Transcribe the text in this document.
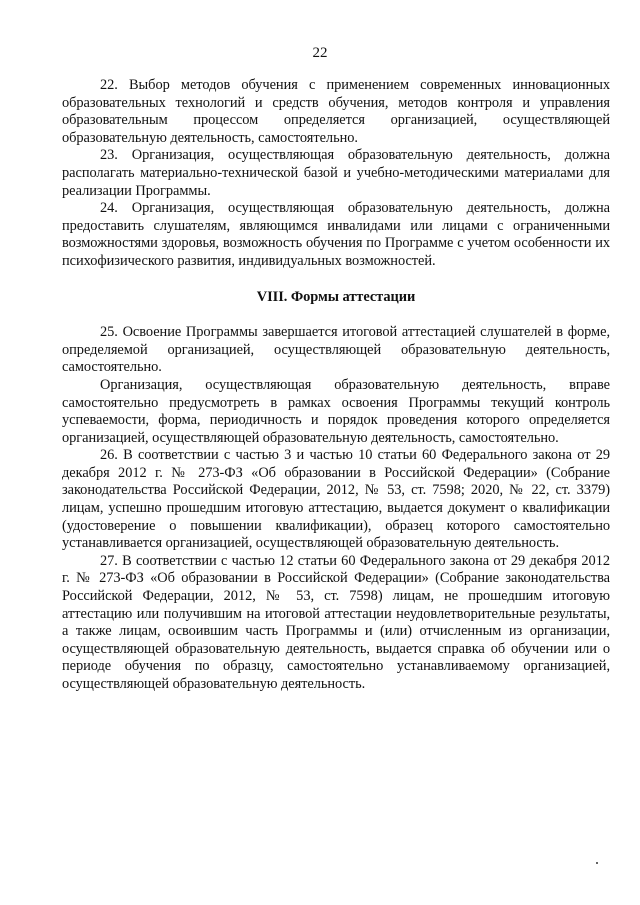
22

22. Выбор методов обучения с применением современных инновационных образовательных технологий и средств обучения, методов контроля и управления образовательным процессом определяется организацией, осуществляющей образовательную деятельность, самостоятельно.

23. Организация, осуществляющая образовательную деятельность, должна располагать материально-технической базой и учебно-методическими материалами для реализации Программы.

24. Организация, осуществляющая образовательную деятельность, должна предоставить слушателям, являющимся инвалидами или лицами с ограниченными возможностями здоровья, возможность обучения по Программе с учетом особенности их психофизического развития, индивидуальных возможностей.

VIII. Формы аттестации

25. Освоение Программы завершается итоговой аттестацией слушателей в форме, определяемой организацией, осуществляющей образовательную деятельность, самостоятельно.

Организация, осуществляющая образовательную деятельность, вправе самостоятельно предусмотреть в рамках освоения Программы текущий контроль успеваемости, форма, периодичность и порядок проведения которого определяется организацией, осуществляющей образовательную деятельность, самостоятельно.

26. В соответствии с частью 3 и частью 10 статьи 60 Федерального закона от 29 декабря 2012 г. № 273-ФЗ «Об образовании в Российской Федерации» (Собрание законодательства Российской Федерации, 2012, № 53, ст. 7598; 2020, № 22, ст. 3379) лицам, успешно прошедшим итоговую аттестацию, выдается документ о квалификации (удостоверение о повышении квалификации), образец которого самостоятельно устанавливается организацией, осуществляющей образовательную деятельность.

27. В соответствии с частью 12 статьи 60 Федерального закона от 29 декабря 2012 г. № 273-ФЗ «Об образовании в Российской Федерации» (Собрание законодательства Российской Федерации, 2012, № 53, ст. 7598) лицам, не прошедшим итоговую аттестацию или получившим на итоговой аттестации неудовлетворительные результаты, а также лицам, освоившим часть Программы и (или) отчисленным из организации, осуществляющей образовательную деятельность, выдается справка об обучении или о периоде обучения по образцу, самостоятельно устанавливаемому организацией, осуществляющей образовательную деятельность.
